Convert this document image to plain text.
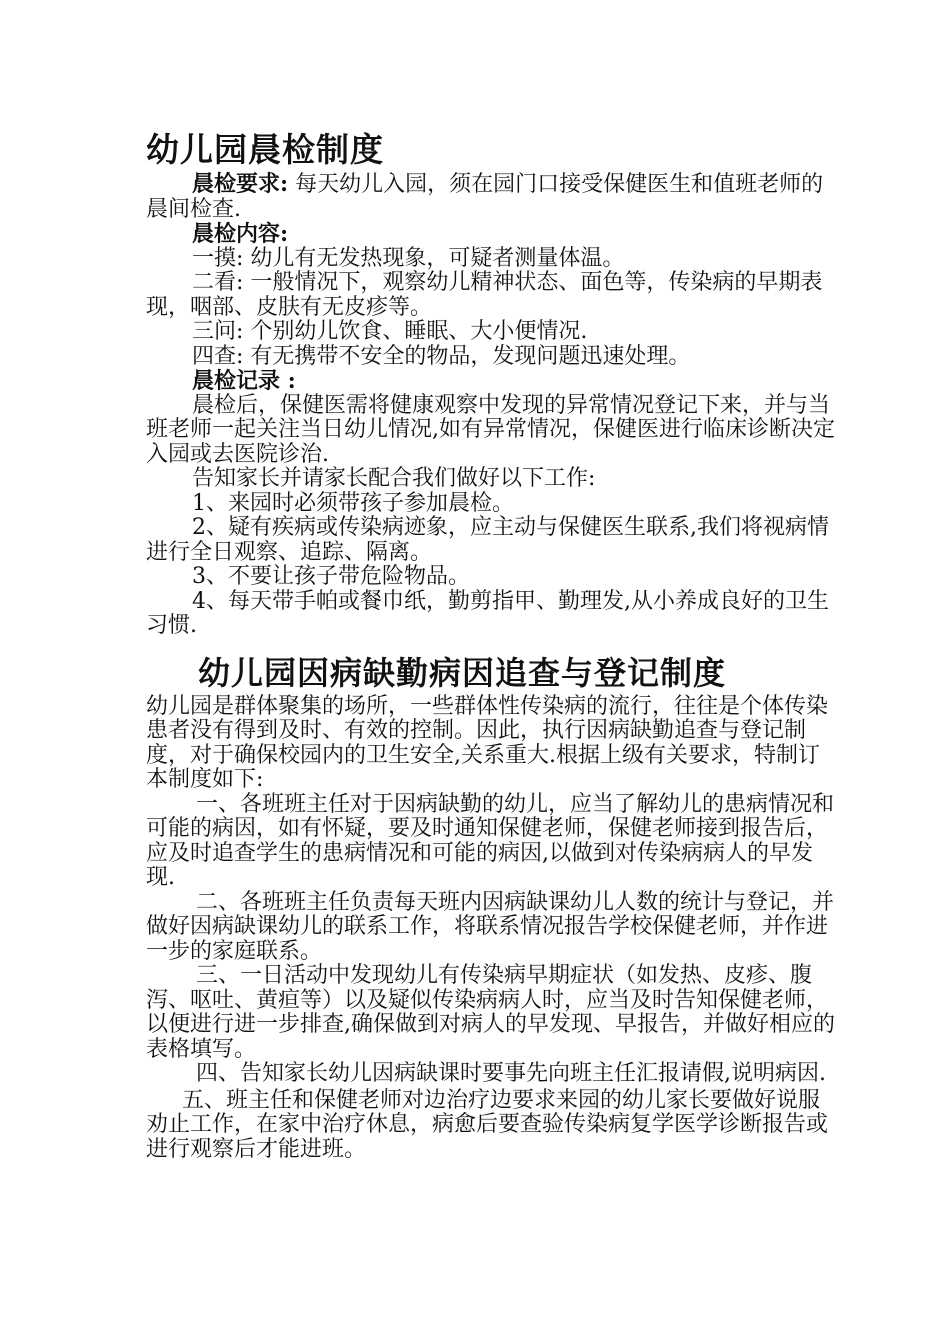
幼儿园晨检制度

晨检要求: 每天幼儿入园，须在园门口接受保健医生和值班老师的晨间检查.

晨检内容:

一摸: 幼儿有无发热现象，可疑者测量体温。

二看: 一般情况下，观察幼儿精神状态、面色等，传染病的早期表现，咽部、皮肤有无皮疹等。

三问: 个别幼儿饮食、睡眠、大小便情况.

四查: 有无携带不安全的物品，发现问题迅速处理。

晨检记录 :

晨检后，保健医需将健康观察中发现的异常情况登记下来，并与当班老师一起关注当日幼儿情况,如有异常情况，保健医进行临床诊断决定入园或去医院诊治.

告知家长并请家长配合我们做好以下工作:

1、来园时必须带孩子参加晨检。

2、疑有疾病或传染病迹象，应主动与保健医生联系,我们将视病情进行全日观察、追踪、隔离。

3、不要让孩子带危险物品。

4、每天带手帕或餐巾纸，勤剪指甲、勤理发,从小养成良好的卫生习惯.

幼儿园因病缺勤病因追查与登记制度

幼儿园是群体聚集的场所，一些群体性传染病的流行，往往是个体传染患者没有得到及时、有效的控制。因此，执行因病缺勤追查与登记制度，对于确保校园内的卫生安全,关系重大.根据上级有关要求，特制订本制度如下:

一、各班班主任对于因病缺勤的幼儿，应当了解幼儿的患病情况和可能的病因，如有怀疑，要及时通知保健老师，保健老师接到报告后，应及时追查学生的患病情况和可能的病因,以做到对传染病病人的早发现.

二、各班班主任负责每天班内因病缺课幼儿人数的统计与登记，并做好因病缺课幼儿的联系工作，将联系情况报告学校保健老师，并作进一步的家庭联系。

三、一日活动中发现幼儿有传染病早期症状（如发热、皮疹、腹泻、呕吐、黄疸等）以及疑似传染病病人时，应当及时告知保健老师，以便进行进一步排查,确保做到对病人的早发现、早报告，并做好相应的表格填写。

四、告知家长幼儿因病缺课时要事先向班主任汇报请假,说明病因.

五、班主任和保健老师对边治疗边要求来园的幼儿家长要做好说服劝止工作，在家中治疗休息，病愈后要查验传染病复学医学诊断报告或进行观察后才能进班。
